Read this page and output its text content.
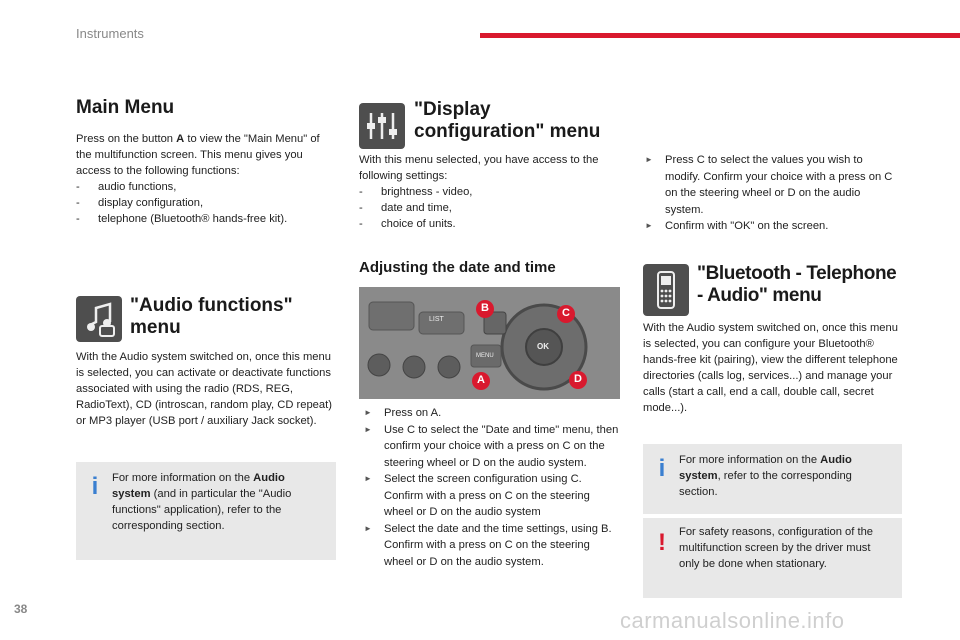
Instruments
Main Menu

Press on the button A to view the "Main Menu" of the multifunction screen. This menu gives you access to the following functions:

- audio functions,
- display configuration,
- telephone (Bluetooth® hands-free kit).
"Audio functions" menu
With the Audio system switched on, once this menu is selected, you can activate or deactivate functions associated with using the radio (RDS, REG, RadioText), CD (introscan, random play, CD repeat) or MP3 player (USB port / auxiliary Jack socket).
i	For more information on the Audio system (and in particular the "Audio functions" application), refer to the corresponding section.
"Display configuration" menu

With this menu selected, you have access to the following settings:

- brightness - video,
- date and time,
- choice of units.
Adjusting the date and time
LIST
MENU
OK
B	C
A	D
► Press on A.
► Use C to select the "Date and time" menu, then confirm your choice with a press on C on the steering wheel or D on the audio system.
► Select the screen configuration using C. Confirm with a press on C on the steering wheel or D on the audio system
► Select the date and the time settings, using B. Confirm with a press on C on the steering wheel or D on the audio system.
► Press C to select the values you wish to modify. Confirm your choice with a press on C on the steering wheel or D on the audio system.
► Confirm with "OK" on the screen.
"Bluetooth - Telephone - Audio" menu
With the Audio system switched on, once this menu is selected, you can configure your Bluetooth® hands-free kit (pairing), view the different telephone directories (calls log, services...) and manage your calls (start a call, end a call, double call, secret mode...).
i	For more information on the Audio system, refer to the corresponding section.
!	For safety reasons, configuration of the multifunction screen by the driver must only be done when stationary.
38	carmanualsonline.info
